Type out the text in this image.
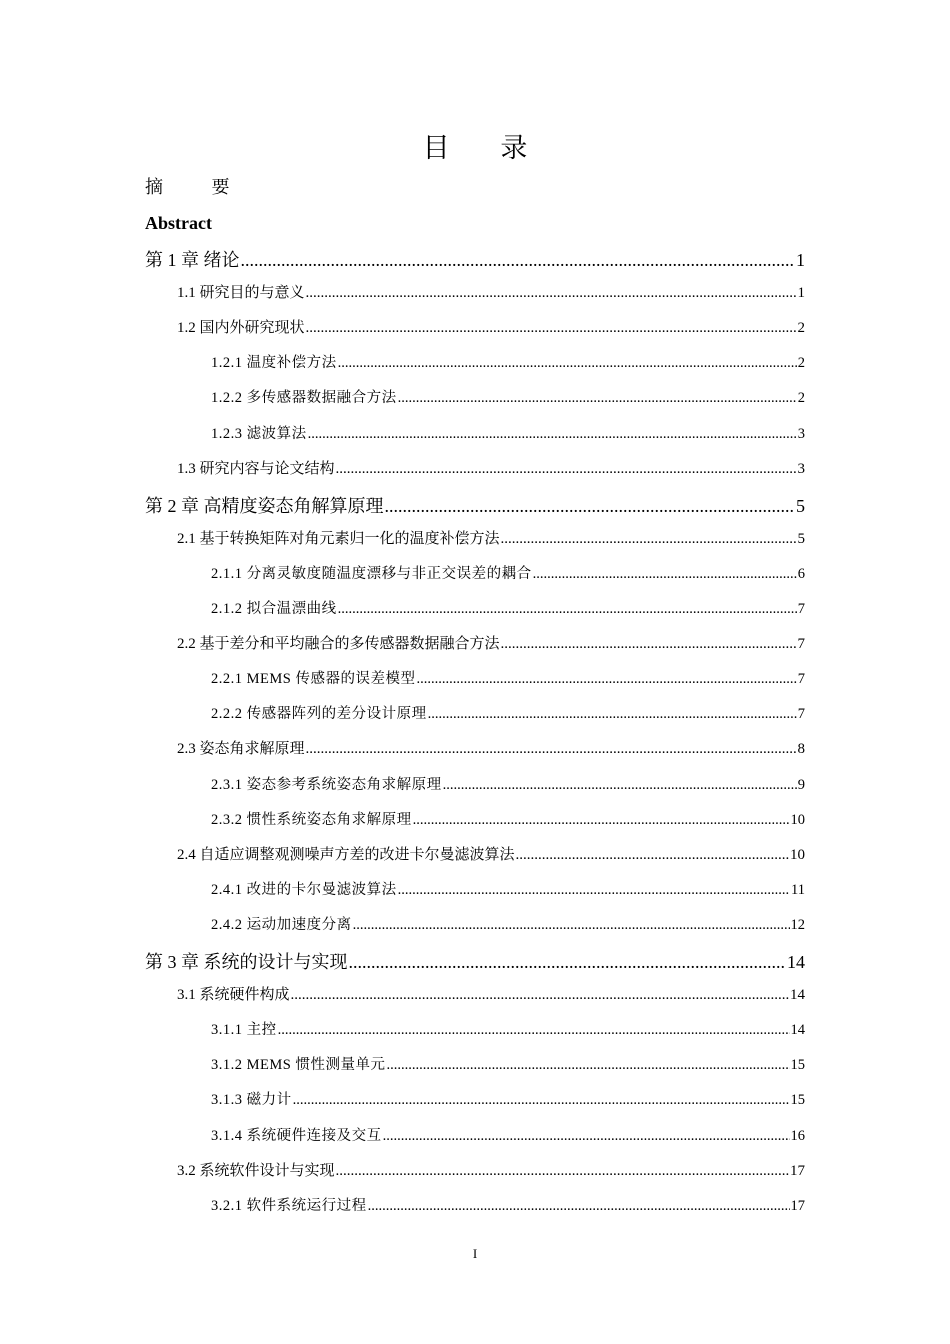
目 录
摘 要
Abstract
第 1 章 绪论 .....	1
1.1 研究目的与意义 .....	1
1.2 国内外研究现状 .....	2
1.2.1 温度补偿方法 .....	2
1.2.2 多传感器数据融合方法 .....	2
1.2.3 滤波算法 .....	3
1.3 研究内容与论文结构 .....	3
第 2 章 高精度姿态角解算原理 .....	5
2.1 基于转换矩阵对角元素归一化的温度补偿方法 .....	5
2.1.1 分离灵敏度随温度漂移与非正交误差的耦合 .....	6
2.1.2 拟合温漂曲线 .....	7
2.2 基于差分和平均融合的多传感器数据融合方法 .....	7
2.2.1 MEMS 传感器的误差模型 .....	7
2.2.2 传感器阵列的差分设计原理 .....	7
2.3 姿态角求解原理 .....	8
2.3.1 姿态参考系统姿态角求解原理 .....	9
2.3.2 惯性系统姿态角求解原理 .....	10
2.4 自适应调整观测噪声方差的改进卡尔曼滤波算法 .....	10
2.4.1 改进的卡尔曼滤波算法 .....	11
2.4.2 运动加速度分离 .....	12
第 3 章 系统的设计与实现 .....	14
3.1 系统硬件构成 .....	14
3.1.1 主控 .....	14
3.1.2 MEMS 惯性测量单元 .....	15
3.1.3 磁力计 .....	15
3.1.4 系统硬件连接及交互 .....	16
3.2 系统软件设计与实现 .....	17
3.2.1 软件系统运行过程 .....	17
I
